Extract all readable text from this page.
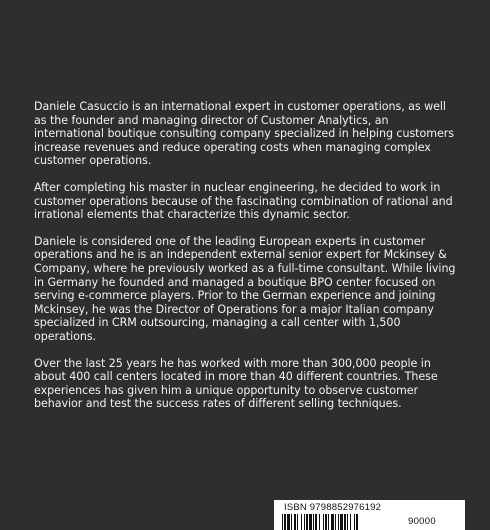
Daniele Casuccio is an international expert in customer operations, as well as the founder and managing director of Customer Analytics, an international boutique consulting company specialized in helping customers increase revenues and reduce operating costs when managing complex customer operations.

After completing his master in nuclear engineering, he decided to work in customer operations because of the fascinating combination of rational and irrational elements that characterize this dynamic sector.

Daniele is considered one of the leading European experts in customer operations and he is an independent external senior expert for Mckinsey & Company, where he previously worked as a full-time consultant. While living in Germany he founded and managed a boutique BPO center focused on serving e-commerce players. Prior to the German experience and joining Mckinsey, he was the Director of Operations for a major Italian company specialized in CRM outsourcing, managing a call center with 1,500 operations.

Over the last 25 years he has worked with more than 300,000 people in about 400 call centers located in more than 40 different countries. These experiences has given him a unique opportunity to observe customer behavior and test the success rates of different selling techniques.

ISBN 9798852976192
90000
